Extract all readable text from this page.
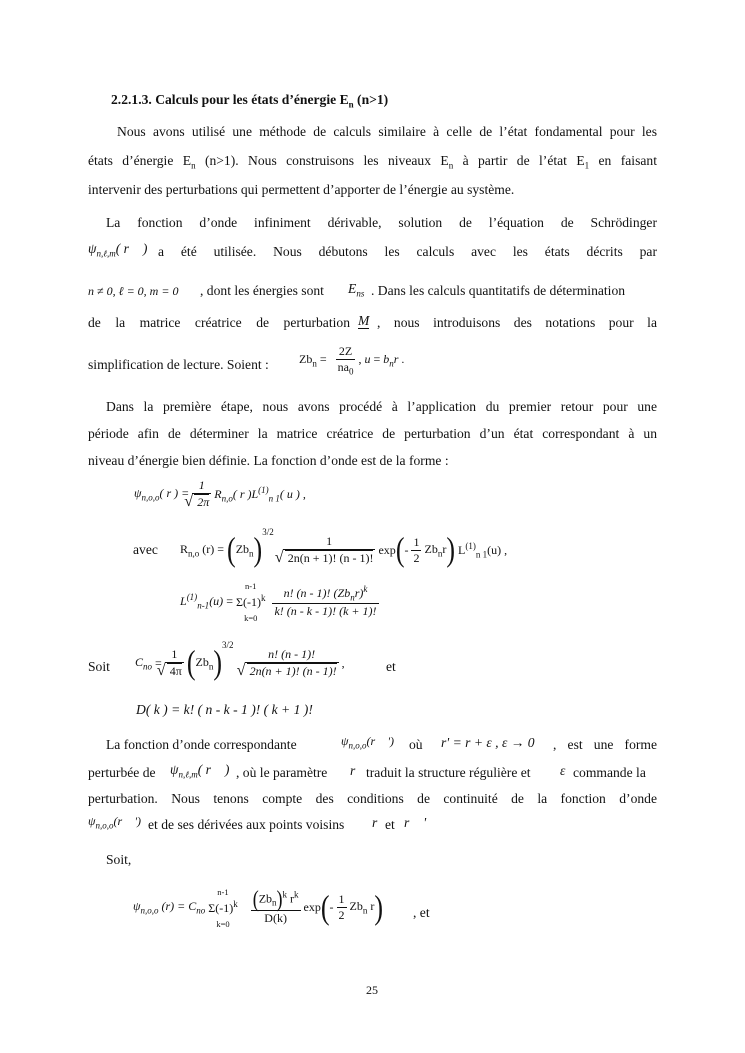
2.2.1.3. Calculs pour les états d’énergie $E_n$ (n>1)
Nous avons utilisé une méthode de calculs similaire à celle de l’état fondamental pour les
états d’énergie $E_n$ (n>1). Nous construisons les niveaux $E_n$ à partir de l’état $E_1$ en faisant
intervenir des perturbations qui permettent d’apporter de l’énergie au système.
La fonction d’onde infiniment dérivable, solution de l’équation de Schrödinger
$\psi_{n,\ell,m}$( r⃗ ) a été utilisée. Nous débutons les calculs avec les états décrits par
n ≠ 0, ℓ = 0, m = 0 , dont les énergies sont $E_{ns}$ . Dans les calculs quantitatifs de détermination
de la matrice créatrice de perturbation M , nous introduisons des notations pour la
simplification de lecture. Soient :	$Zb_n = \frac{2Z}{na_0}$ , $u = b_nr$ .
Dans la première étape, nous avons procédé à l’application du premier retour pour une
période afin de déterminer la matrice créatrice de perturbation d’un état correspondant à un
niveau d’énergie bien définie. La fonction d’onde est de la forme :
$\psi_{n,o,o}$( r ) = 1
√ 2π $R_{n,o}$( r )$L^{(1)}_{n 1}$( u ) ,
avec $R_{n,o}$ $(r) = (Zb_n)^{3/2}$
1
√ 2n(n + 1)! (n - 1)! $\exp(- \frac{1}{2} Zb_nr)$ $L^{(1)}_{n 1}(u)$ ,
$L^{(1)}_{n-1}(u) = n-1$
$\Sigma(-1)^k$
$k=0 \frac{n! (n - 1)! (Zb_nr)^k}{k! (n - k - 1)! (k + 1)!}$
Soit $C_{no} = 1$
√ 4π $(Zb_n)^{3/2}$
n! (n - 1)!
√ 2n(n + 1)! (n - 1)! ,	et
D( k ) = k! ( n - k - 1 )! ( k + 1 )!
La fonction d’onde correspondante	$\psi_{n,o,o}(r⃗$ ') où r' = r + ε , ε → 0 , est une forme
perturbée de $\psi_{n,\ell,m}$( r⃗ ) , où le paramètre r traduit la structure régulière et ε commande la
perturbation. Nous tenons compte des conditions de continuité de la fonction d’onde
$\psi_{n,o,o}(r⃗$ ') et de ses dérivées aux points voisins r⃗
et r⃗ '
Soit,
$\psi_{n,o,o}$ $(r) = C_{no}$ n-1
$\Sigma(-1)^k$
$k=0 \frac{(Zb_n)^k r^k}{D(k)} \exp(- \frac{1}{2} Zb_n$ r) , et
25
